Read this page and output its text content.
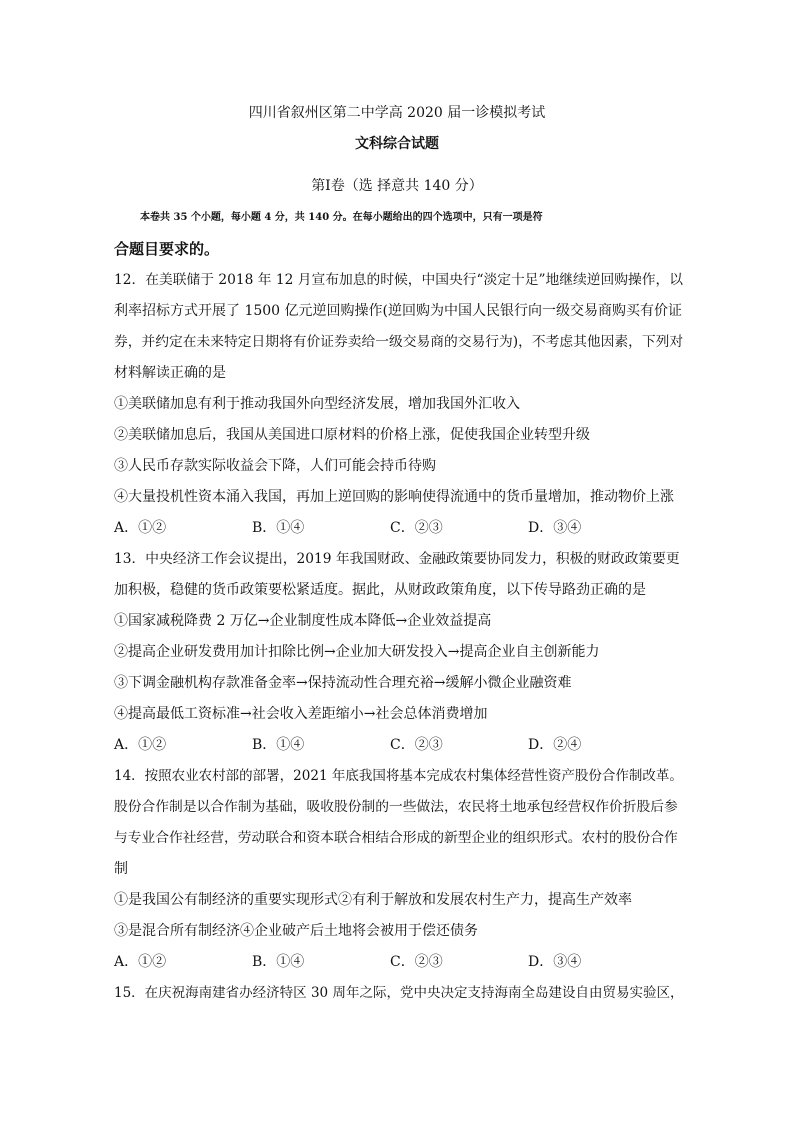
四川省叙州区第二中学高 2020 届一诊模拟考试
文科综合试题
第Ⅰ卷（选 择意共 140 分）
本卷共 35 个小题，每小题 4 分，共 140 分。在每小题给出的四个选项中，只有一项是符
合题目要求的。
12．在美联储于 2018 年 12 月宣布加息的时候，中国央行“淡定十足”地继续逆回购操作，以
利率招标方式开展了 1500 亿元逆回购操作(逆回购为中国人民银行向一级交易商购买有价证
券，并约定在未来特定日期将有价证券卖给一级交易商的交易行为)，不考虑其他因素，下列对
材料解读正确的是
①美联储加息有利于推动我国外向型经济发展，增加我国外汇收入
②美联储加息后，我国从美国进口原材料的价格上涨，促使我国企业转型升级
③人民币存款实际收益会下降，人们可能会持币待购
④大量投机性资本涌入我国，再加上逆回购的影响使得流通中的货币量增加，推动物价上涨
A．①②	B．①④	C．②③	D．③④
13．中央经济工作会议提出，2019 年我国财政、金融政策要协同发力，积极的财政政策要更
加积极，稳健的货币政策要松紧适度。据此，从财政政策角度，以下传导路劲正确的是
①国家减税降费 2 万亿→企业制度性成本降低→企业效益提高
②提高企业研发费用加计扣除比例→企业加大研发投入→提高企业自主创新能力
③下调金融机构存款准备金率→保持流动性合理充裕→缓解小微企业融资难
④提高最低工资标准→社会收入差距缩小→社会总体消费增加
A．①②	B．①④	C．②③	D．②④
14．按照农业农村部的部署，2021 年底我国将基本完成农村集体经营性资产股份合作制改革。
股份合作制是以合作制为基础，吸收股份制的一些做法，农民将土地承包经营权作价折股后参
与专业合作社经营，劳动联合和资本联合相结合形成的新型企业的组织形式。农村的股份合作
制
①是我国公有制经济的重要实现形式②有利于解放和发展农村生产力，提高生产效率
③是混合所有制经济④企业破产后土地将会被用于偿还债务
A．①②	B．①④	C．②③	D．③④
15．在庆祝海南建省办经济特区 30 周年之际，党中央决定支持海南全岛建设自由贸易实验区，
